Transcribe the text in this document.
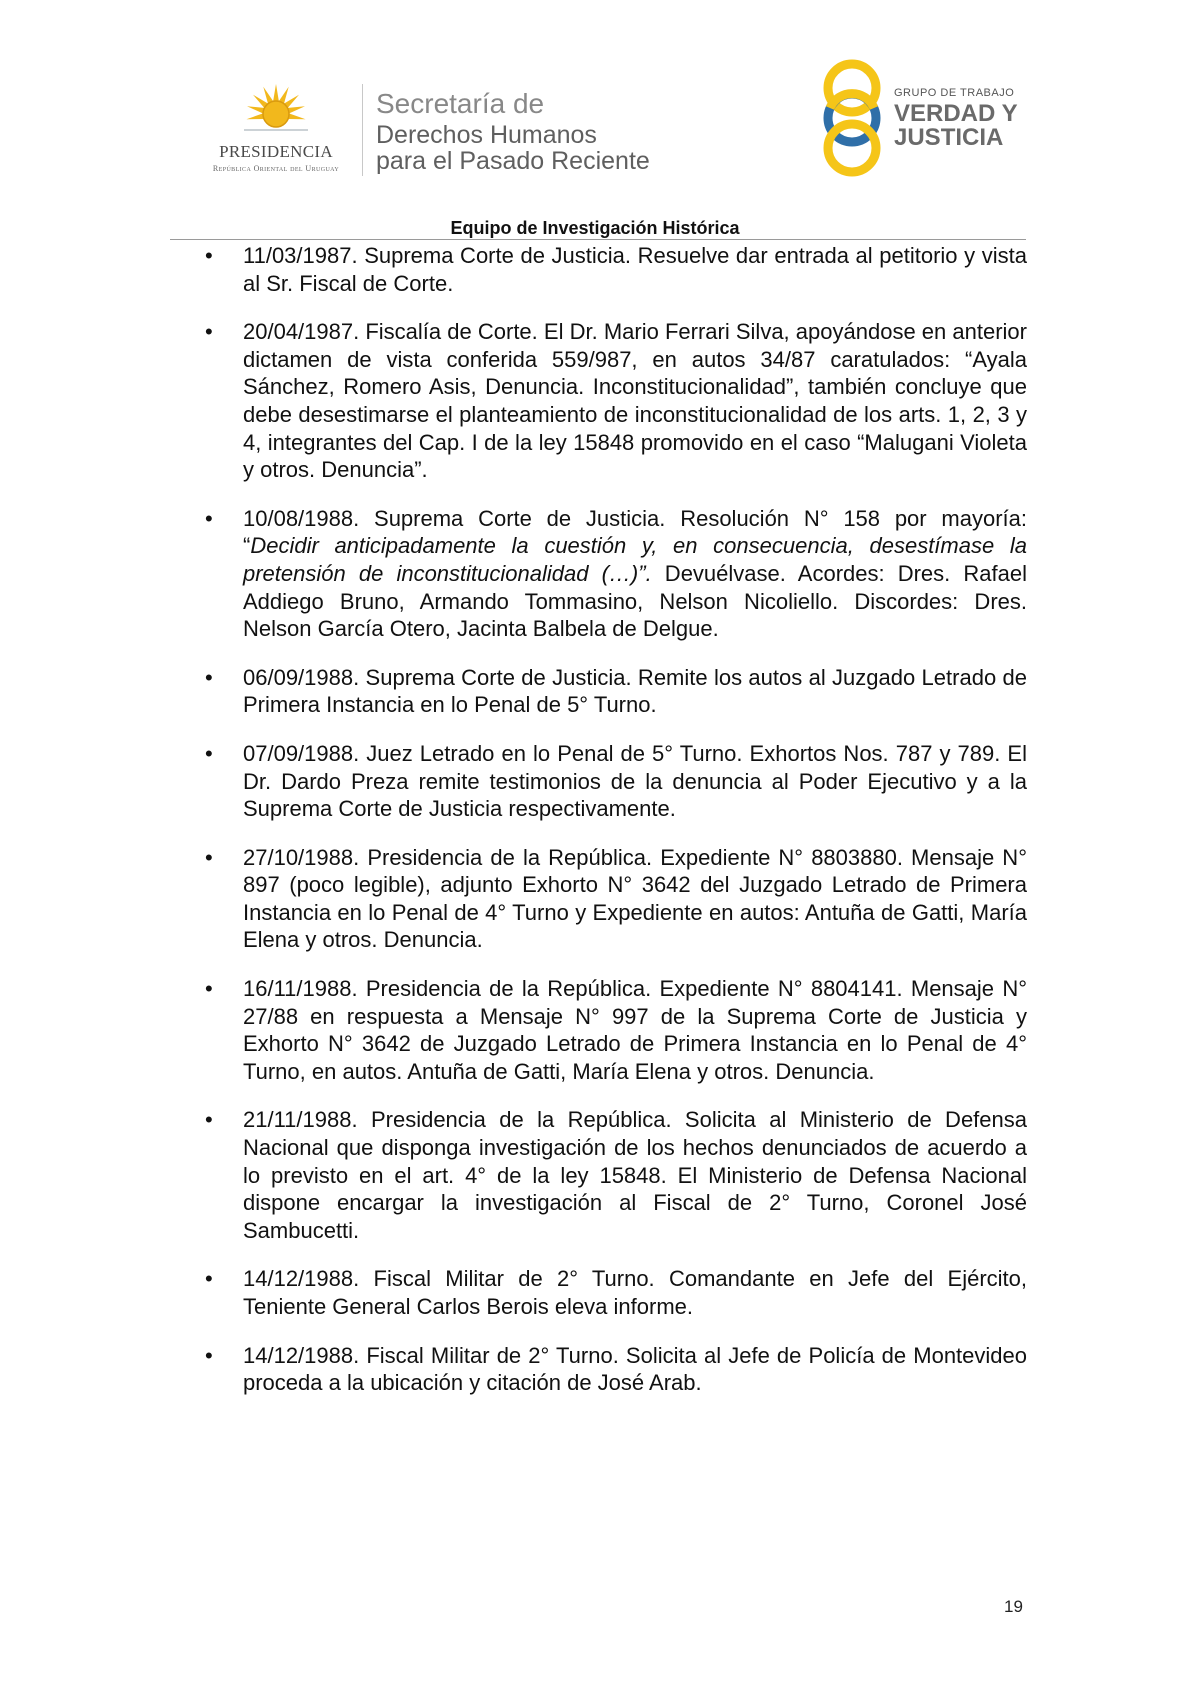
PRESIDENCIA
República Oriental del Uruguay
Secretaría de
Derechos Humanos
para el Pasado Reciente
GRUPO DE TRABAJO
VERDAD Y
JUSTICIA
Equipo de Investigación Histórica
• 11/03/1987. Suprema Corte de Justicia. Resuelve dar entrada al petitorio y vista al Sr. Fiscal de Corte.
• 20/04/1987. Fiscalía de Corte. El Dr. Mario Ferrari Silva, apoyándose en anterior dictamen de vista conferida 559/987, en autos 34/87 caratulados: “Ayala Sánchez, Romero Asis, Denuncia. Inconstitucionalidad”, también concluye que debe desestimarse el planteamiento de inconstitucionalidad de los arts. 1, 2, 3 y 4, integrantes del Cap. I de la ley 15848 promovido en el caso “Malugani Violeta y otros. Denuncia”.
• 10/08/1988. Suprema Corte de Justicia. Resolución N° 158 por mayoría: “Decidir anticipadamente la cuestión y, en consecuencia, desestímase la pretensión de inconstitucionalidad (…)”. Devuélvase. Acordes: Dres. Rafael Addiego Bruno, Armando Tommasino, Nelson Nicoliello. Discordes: Dres. Nelson García Otero, Jacinta Balbela de Delgue.
• 06/09/1988. Suprema Corte de Justicia. Remite los autos al Juzgado Letrado de Primera Instancia en lo Penal de 5° Turno.
• 07/09/1988. Juez Letrado en lo Penal de 5° Turno. Exhortos Nos. 787 y 789. El Dr. Dardo Preza remite testimonios de la denuncia al Poder Ejecutivo y a la Suprema Corte de Justicia respectivamente.
• 27/10/1988. Presidencia de la República. Expediente N° 8803880. Mensaje N° 897 (poco legible), adjunto Exhorto N° 3642 del Juzgado Letrado de Primera Instancia en lo Penal de 4° Turno y Expediente en autos: Antuña de Gatti, María Elena y otros. Denuncia.
• 16/11/1988. Presidencia de la República. Expediente N° 8804141. Mensaje N° 27/88 en respuesta a Mensaje N° 997 de la Suprema Corte de Justicia y Exhorto N° 3642 de Juzgado Letrado de Primera Instancia en lo Penal de 4° Turno, en autos. Antuña de Gatti, María Elena y otros. Denuncia.
• 21/11/1988. Presidencia de la República. Solicita al Ministerio de Defensa Nacional que disponga investigación de los hechos denunciados de acuerdo a lo previsto en el art. 4° de la ley 15848. El Ministerio de Defensa Nacional dispone encargar la investigación al Fiscal de 2° Turno, Coronel José Sambucetti.
• 14/12/1988. Fiscal Militar de 2° Turno. Comandante en Jefe del Ejército, Teniente General Carlos Berois eleva informe.
• 14/12/1988. Fiscal Militar de 2° Turno. Solicita al Jefe de Policía de Montevideo proceda a la ubicación y citación de José Arab.
19
